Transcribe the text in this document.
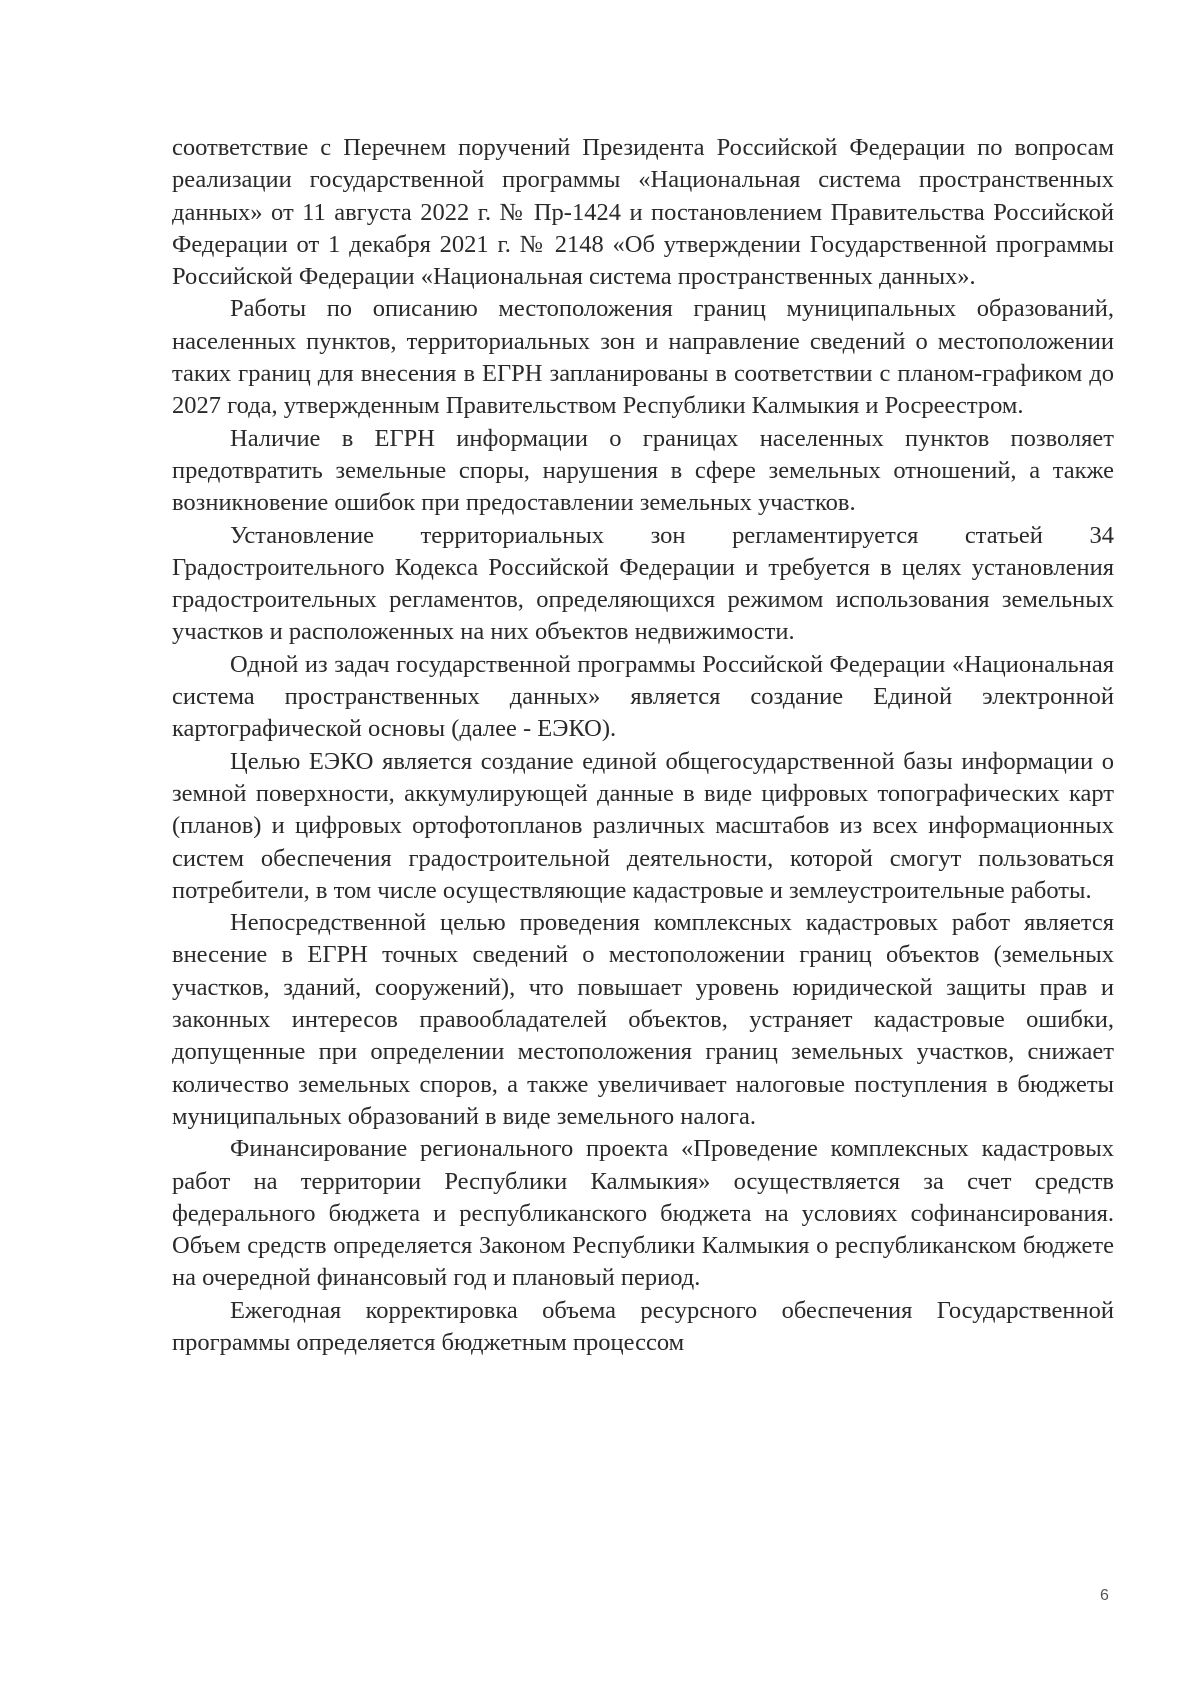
соответствие с Перечнем поручений Президента Российской Федерации по вопросам реализации государственной программы «Национальная система пространственных данных» от 11 августа 2022 г. № Пр-1424 и постановлением Правительства Российской Федерации от 1 декабря 2021 г. № 2148 «Об утверждении Государственной программы Российской Федерации «Национальная система пространственных данных».

Работы по описанию местоположения границ муниципальных образований, населенных пунктов, территориальных зон и направление сведений о местоположении таких границ для внесения в ЕГРН запланированы в соответствии с планом-графиком до 2027 года, утвержденным Правительством Республики Калмыкия и Росреестром.

Наличие в ЕГРН информации о границах населенных пунктов позволяет предотвратить земельные споры, нарушения в сфере земельных отношений, а также возникновение ошибок при предоставлении земельных участков.

Установление территориальных зон регламентируется статьей 34 Градостроительного Кодекса Российской Федерации и требуется в целях установления градостроительных регламентов, определяющихся режимом использования земельных участков и расположенных на них объектов недвижимости.

Одной из задач государственной программы Российской Федерации «Национальная система пространственных данных» является создание Единой электронной картографической основы (далее - ЕЭКО).

Целью ЕЭКО является создание единой общегосударственной базы информации о земной поверхности, аккумулирующей данные в виде цифровых топографических карт (планов) и цифровых ортофотопланов различных масштабов из всех информационных систем обеспечения градостроительной деятельности, которой смогут пользоваться потребители, в том числе осуществляющие кадастровые и землеустроительные работы.

Непосредственной целью проведения комплексных кадастровых работ является внесение в ЕГРН точных сведений о местоположении границ объектов (земельных участков, зданий, сооружений), что повышает уровень юридической защиты прав и законных интересов правообладателей объектов, устраняет кадастровые ошибки, допущенные при определении местоположения границ земельных участков, снижает количество земельных споров, а также увеличивает налоговые поступления в бюджеты муниципальных образований в виде земельного налога.

Финансирование регионального проекта «Проведение комплексных кадастровых работ на территории Республики Калмыкия» осуществляется за счет средств федерального бюджета и республиканского бюджета на условиях софинансирования. Объем средств определяется Законом Республики Калмыкия о республиканском бюджете на очередной финансовый год и плановый период.

Ежегодная корректировка объема ресурсного обеспечения Государственной программы определяется бюджетным процессом

6
